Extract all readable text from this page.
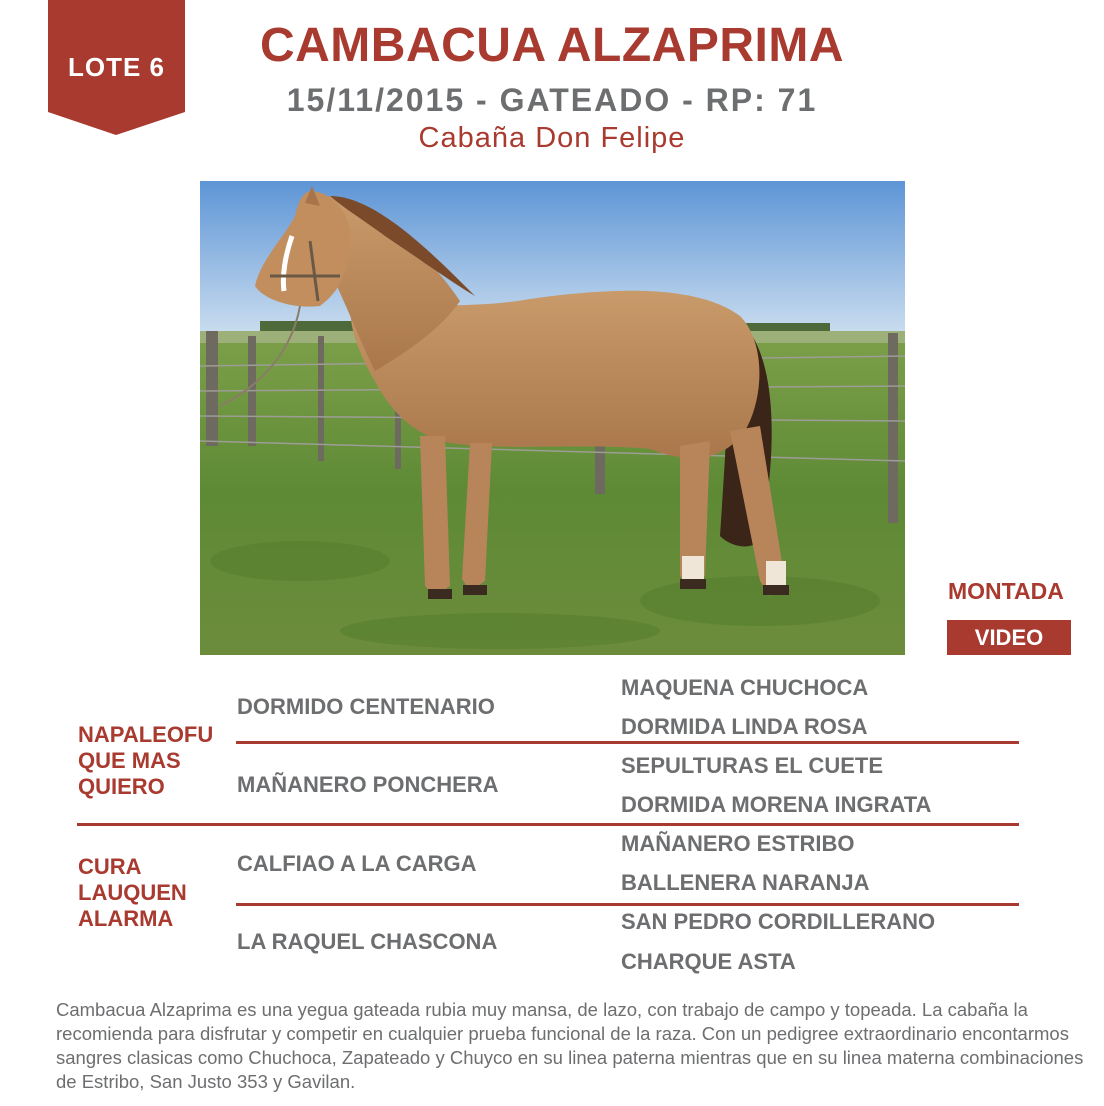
LOTE 6	CAMBACUA ALZAPRIMA
15/11/2015 - GATEADO - RP: 71
Cabaña Don Felipe
MONTADA
VIDEO
NAPALEOFU QUE MAS QUIERO
CURA LAUQUEN ALARMA
DORMIDO CENTENARIO
MAÑANERO PONCHERA
CALFIAO A LA CARGA
LA RAQUEL CHASCONA
MAQUENA CHUCHOCA
DORMIDA LINDA ROSA
SEPULTURAS EL CUETE
DORMIDA MORENA INGRATA
MAÑANERO ESTRIBO
BALLENERA NARANJA
SAN PEDRO CORDILLERANO
CHARQUE ASTA
Cambacua Alzaprima es una yegua gateada rubia muy mansa, de lazo, con trabajo de campo y topeada. La cabaña la recomienda para disfrutar y competir en cualquier prueba funcional de la raza. Con un pedigree extraordinario encontarmos sangres clasicas como Chuchoca, Zapateado y Chuyco en su linea paterna mientras que en su linea materna combinaciones de Estribo, San Justo 353 y Gavilan.
